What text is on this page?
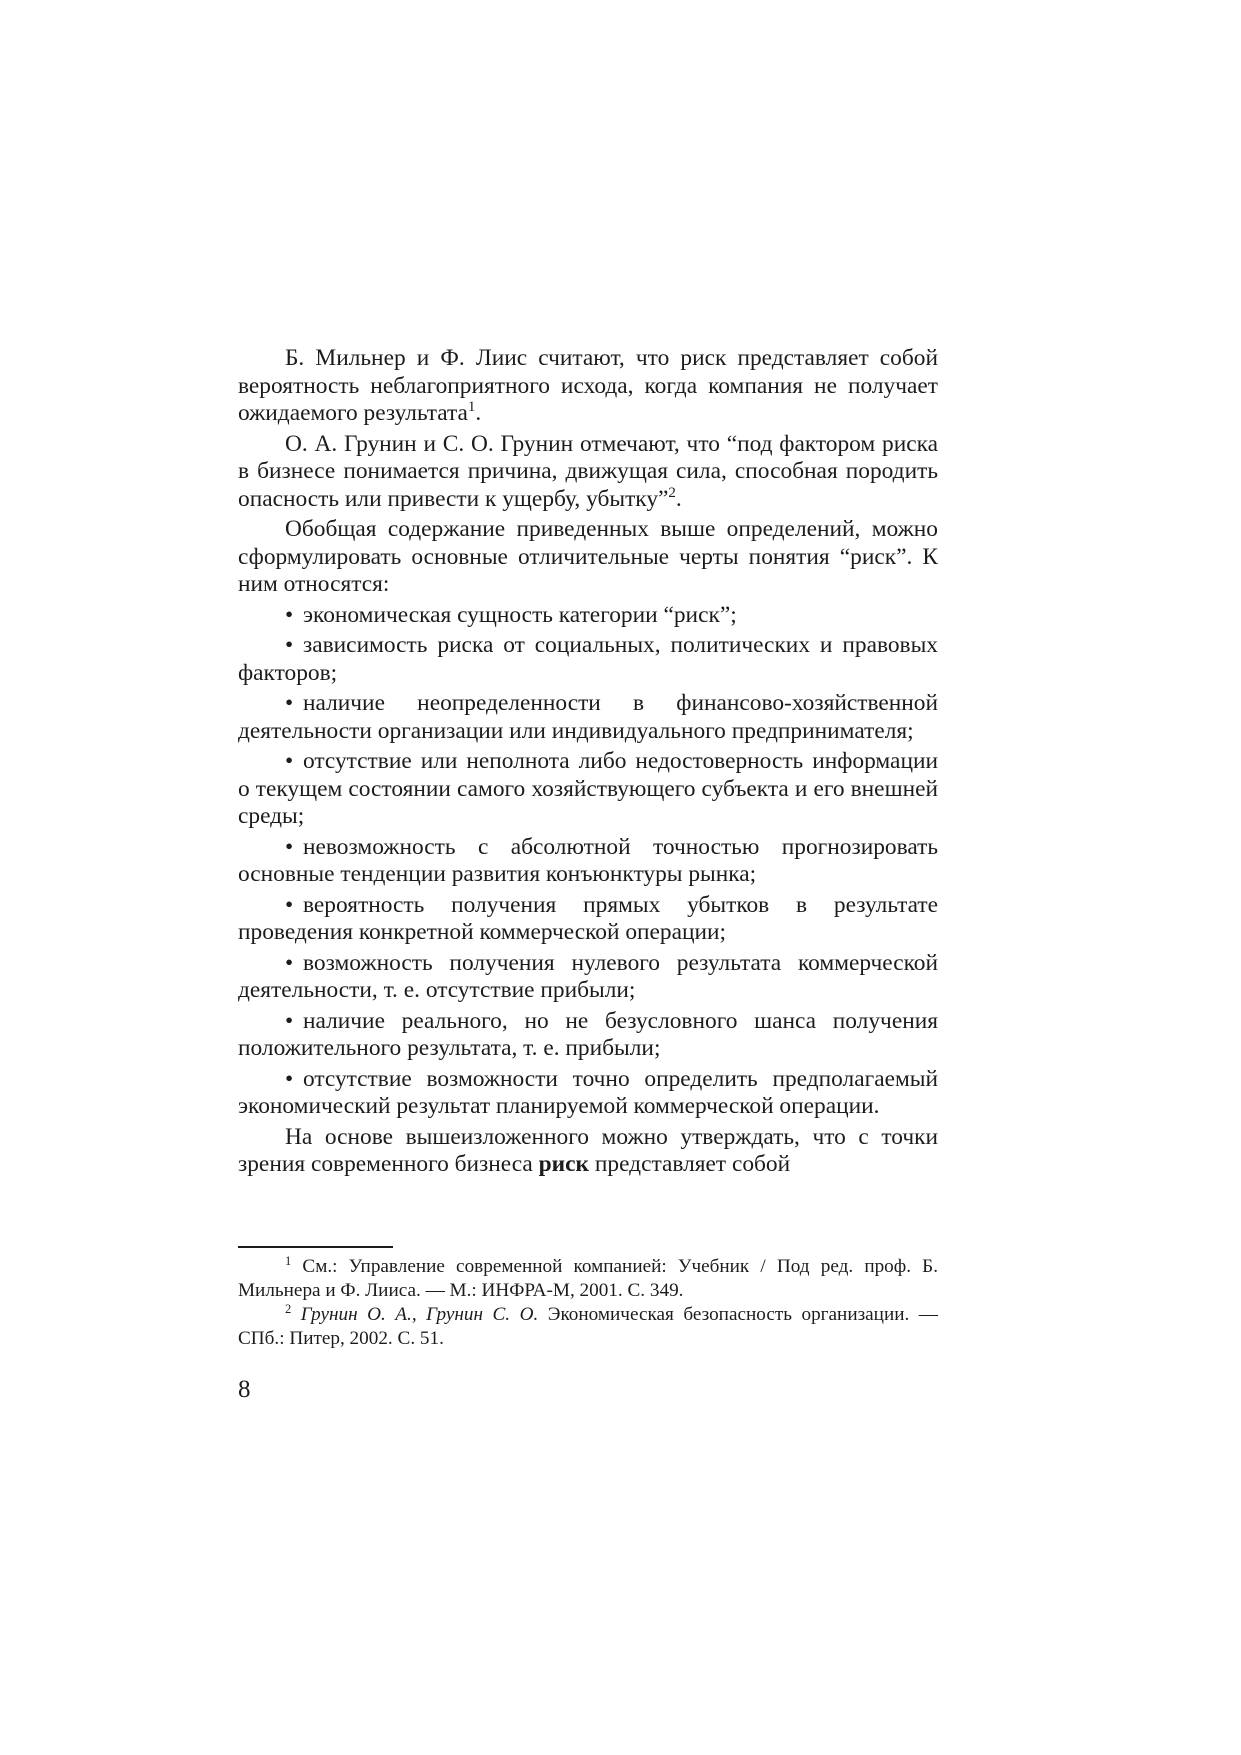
Б. Мильнер и Ф. Лиис считают, что риск представляет собой вероятность неблагоприятного исхода, когда компания не получает ожидаемого результата$^1$.

О. А. Грунин и С. О. Грунин отмечают, что “под фактором риска в бизнесе понимается причина, движущая сила, способная породить опасность или привести к ущербу, убытку”$^2$.

Обобщая содержание приведенных выше определений, можно сформулировать основные отличительные черты понятия “риск”. К ним относятся:

•экономическая сущность категории “риск”;

•зависимость риска от социальных, политических и правовых факторов;

•наличие неопределенности в финансово-хозяйственной деятельности организации или индивидуального предпринимателя;

•отсутствие или неполнота либо недостоверность информации о текущем состоянии самого хозяйствующего субъекта и его внешней среды;

•невозможность с абсолютной точностью прогнозировать основные тенденции развития конъюнктуры рынка;

•вероятность получения прямых убытков в результате проведения конкретной коммерческой операции;

•возможность получения нулевого результата коммерческой деятельности, т. е. отсутствие прибыли;

•наличие реального, но не безусловного шанса получения положительного результата, т. е. прибыли;

•отсутствие возможности точно определить предполагаемый экономический результат планируемой коммерческой операции.

На основе вышеизложенного можно утверждать, что с точки зрения современного бизнеса риск представляет собой

$^1$ См.: Управление современной компанией: Учебник / Под ред. проф. Б. Мильнера и Ф. Лииса. — М.: ИНФРА-М, 2001. С. 349.

$^2$ Грунин О. А., Грунин С. О. Экономическая безопасность организации. — СПб.: Питер, 2002. С. 51.

8
